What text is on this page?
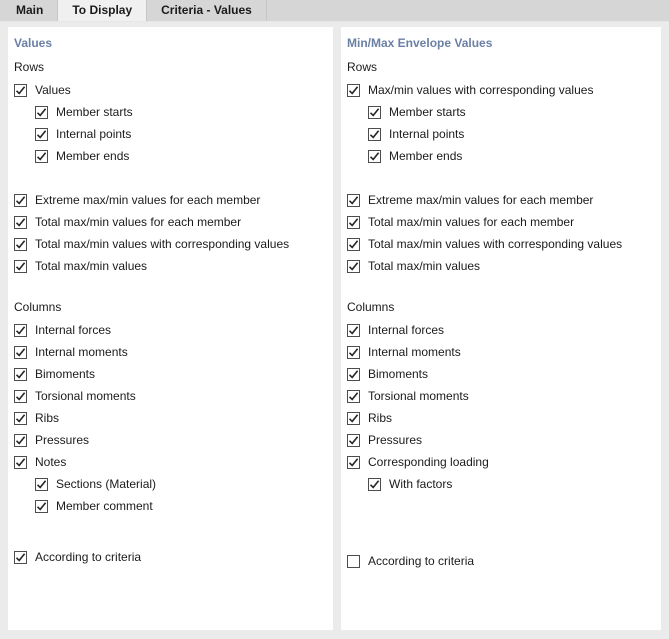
Main	To Display	Criteria - Values
Values
Rows
Values
Member starts
Internal points
Member ends
Extreme max/min values for each member
Total max/min values for each member
Total max/min values with corresponding values
Total max/min values
Columns
Internal forces
Internal moments
Bimoments
Torsional moments
Ribs
Pressures
Notes
Sections (Material)
Member comment
According to criteria
Min/Max Envelope Values
Rows
Max/min values with corresponding values
Member starts
Internal points
Member ends
Extreme max/min values for each member
Total max/min values for each member
Total max/min values with corresponding values
Total max/min values
Columns
Internal forces
Internal moments
Bimoments
Torsional moments
Ribs
Pressures
Corresponding loading
With factors
According to criteria
